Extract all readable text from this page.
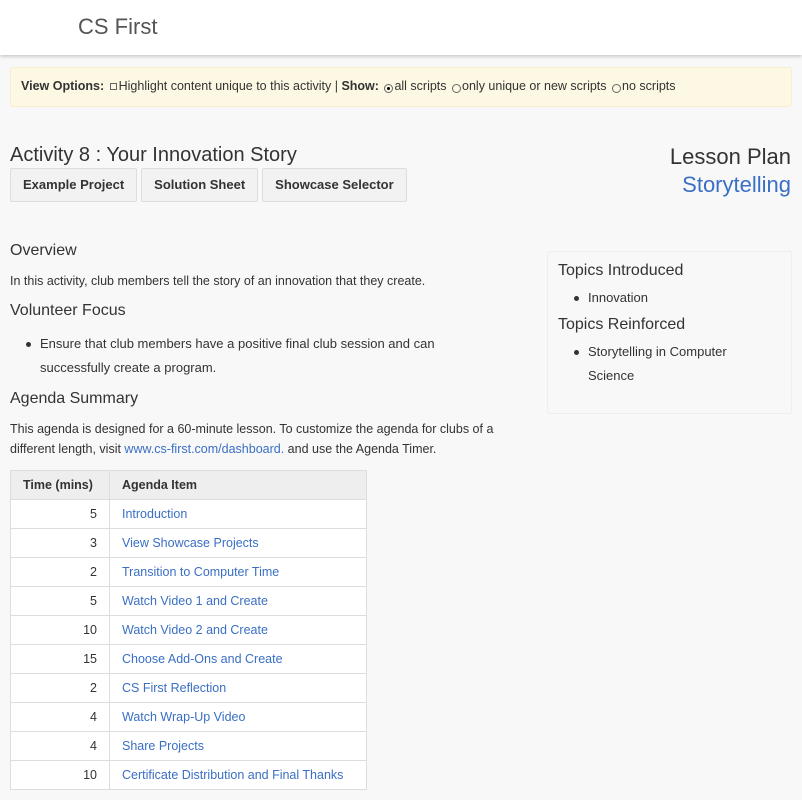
CS First
View Options: Highlight content unique to this activity | Show: all scripts only unique or new scripts no scripts
Activity 8 : Your Innovation Story
Example Project	Solution Sheet	Showcase Selector
Lesson Plan
Storytelling
Overview

In this activity, club members tell the story of an innovation that they create.

Volunteer Focus
Ensure that club members have a positive final club session and can successfully create a program.
Agenda Summary

This agenda is designed for a 60-minute lesson. To customize the agenda for clubs of a different length, visit www.cs-first.com/dashboard. and use the Agenda Timer.

Time (mins)	Agenda Item
5	Introduction
3	View Showcase Projects
2	Transition to Computer Time
5	Watch Video 1 and Create
10	Watch Video 2 and Create
15	Choose Add-Ons and Create
2	CS First Reflection
4	Watch Wrap-Up Video
4	Share Projects
10	Certificate Distribution and Final Thanks
Topics Introduced
Innovation
Topics Reinforced
Storytelling in Computer Science
